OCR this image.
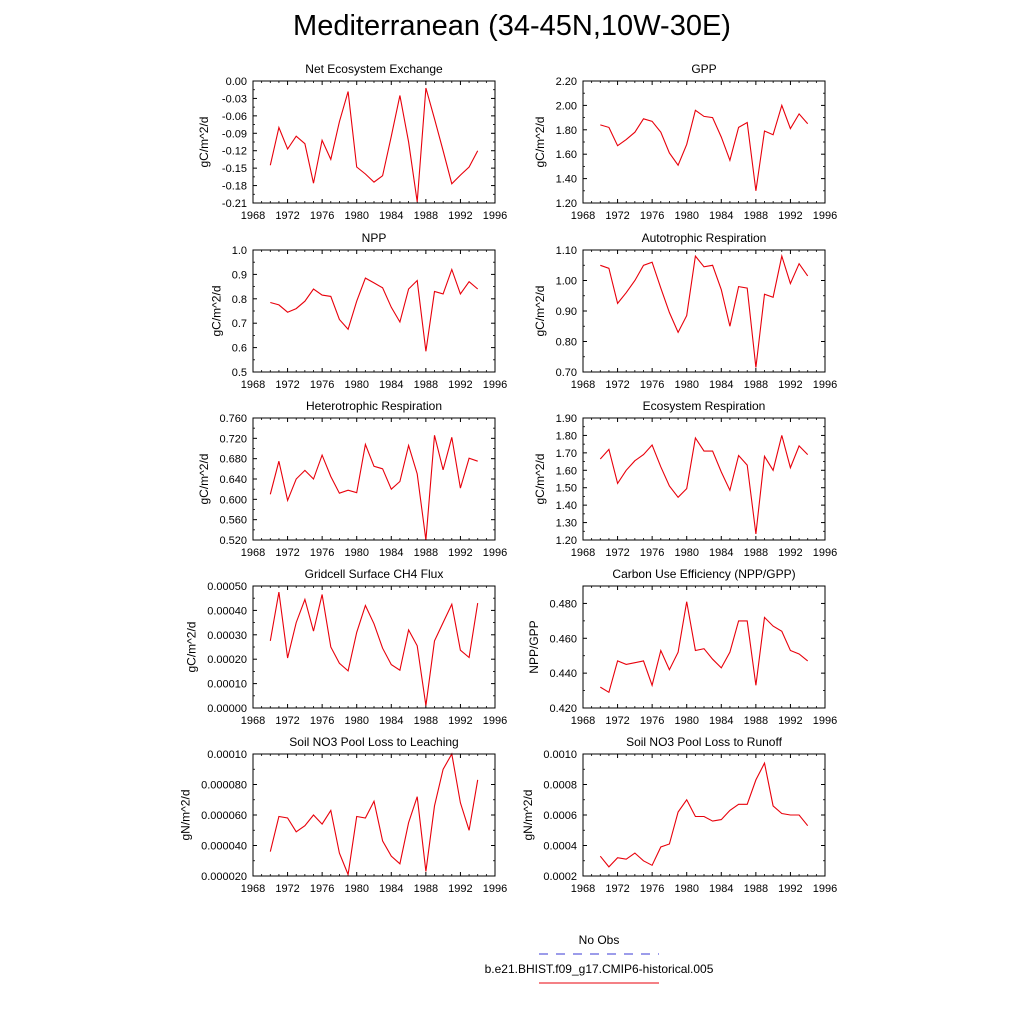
Mediterranean (34-45N,10W-30E)
Net Ecosystem Exchange
1968 1972 1976 1980 1984 1988 1992 1996
0.00
-0.03
-0.06
-0.09
-0.12
-0.15
-0.18
-0.21
gC/m^2/d
GPP
1968 1972 1976 1980 1984 1988 1992 1996
2.20
2.00
1.80
1.60
1.40
1.20
gC/m^2/d
NPP
1968 1972 1976 1980 1984 1988 1992 1996
1.0
0.9
0.8
0.7
0.6
0.5
gC/m^2/d
Autotrophic Respiration
1968 1972 1976 1980 1984 1988 1992 1996
1.10
1.00
0.90
0.80
0.70
gC/m^2/d
Heterotrophic Respiration
1968 1972 1976 1980 1984 1988 1992 1996
0.760
0.720
0.680
0.640
0.600
0.560
0.520
gC/m^2/d
Ecosystem Respiration
1968 1972 1976 1980 1984 1988 1992 1996
1.90
1.80
1.70
1.60
1.50
1.40
1.30
1.20
gC/m^2/d
Gridcell Surface CH4 Flux
1968 1972 1976 1980 1984 1988 1992 1996
0.00050
0.00040
0.00030
0.00020
0.00010
0.00000
gC/m^2/d
Carbon Use Efficiency (NPP/GPP)
1968 1972 1976 1980 1984 1988 1992 1996
0.480
0.460
0.440
0.420
NPP/GPP
Soil NO3 Pool Loss to Leaching
1968 1972 1976 1980 1984 1988 1992 1996
0.00010
0.000080
0.000060
0.000040
0.000020
gN/m^2/d
Soil NO3 Pool Loss to Runoff
1968 1972 1976 1980 1984 1988 1992 1996
0.0010
0.0008
0.0006
0.0004
0.0002
gN/m^2/d
No Obs
b.e21.BHIST.f09_g17.CMIP6-historical.005
